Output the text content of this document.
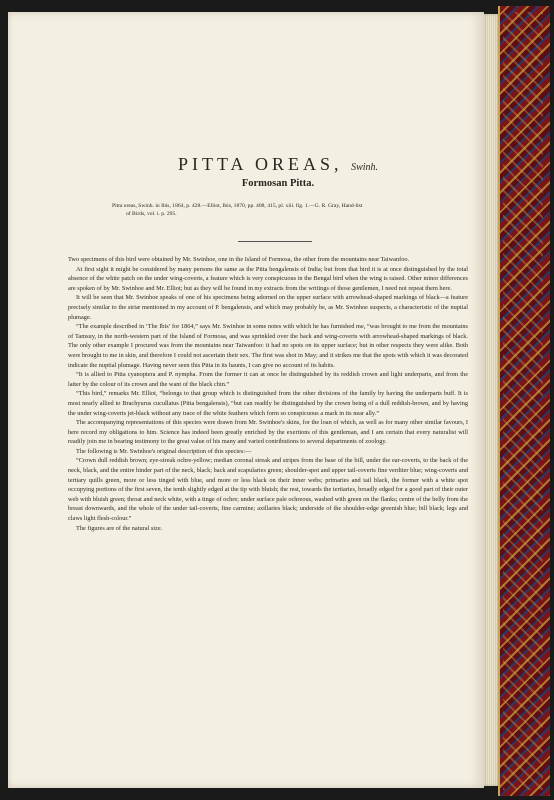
PITTA OREAS, Swinh.
Formosan Pitta.
Pitta oreas, Swinh. in Ibis, 1864, p. 428.—Elliot, Ibis, 1870, pp. 408, 415, pl. xiii. fig. 1.—G. R. Gray, Hand-list
of Birds, vol. i. p. 295.

Two specimens of this bird were obtained by Mr. Swinhoe, one in the Island of Formosa, the other from the mountains near Taiwanfoo.

At first sight it might be considered by many persons the same as the Pitta bengalensis of India; but from that bird it is at once distinguished by the total absence of the white patch on the under wing-coverts, a feature which is very conspicuous in the Bengal bird when the wing is raised. Other minor differences are spoken of by Mr. Swinhoe and Mr. Elliot; but as they will be found in my extracts from the writings of those gentlemen, I need not repeat them here.

It will be seen that Mr. Swinhoe speaks of one of his specimens being adorned on the upper surface with arrowhead-shaped markings of black—a feature precisely similar to the striæ mentioned in my account of P. bengalensis, and which may probably be, as Mr. Swinhoe suspects, a characteristic of the nuptial plumage.

“The example described in ‘The Ibis’ for 1864,” says Mr. Swinhoe in some notes with which he has furnished me, “was brought to me from the mountains of Tamsuy, in the north-western part of the Island of Formosa, and was sprinkled over the back and wing-coverts with arrowhead-shaped markings of black. The only other example I procured was from the mountains near Taiwanfoo: it had no spots on its upper surface; but in other respects they were alike. Both were brought to me in skin, and therefore I could not ascertain their sex. The first was shot in May; and it strikes me that the spots with which it was decorated indicate the nuptial plumage. Having never seen this Pitta in its haunts, I can give no account of its habits.

“It is allied to Pitta cyanoptera and P. nympha. From the former it can at once be distinguished by its reddish crown and light underparts, and from the latter by the colour of its crown and the want of the black chin.”

“This bird,” remarks Mr. Elliot, “belongs to that group which is distinguished from the other divisions of the family by having the underparts buff. It is most nearly allied to Brachyurus cucullatus (Pitta bengalensis), “but can readily be distinguished by the crown being of a dull reddish-brown, and by having the under wing-coverts jet-black without any trace of the white feathers which form so conspicuous a mark in its near ally.”

The accompanying representations of this species were drawn from Mr. Swinhoe's skins, for the loan of which, as well as for many other similar favours, I here record my obligations to him. Science has indeed been greatly enriched by the exertions of this gentleman, and I am certain that every naturalist will readily join me in bearing testimony to the great value of his many and varied contributions to several departments of zoology.

The following is Mr. Swinhoe's original description of this species:—

“Crown dull reddish brown; eye-streak ochre-yellow; median coronal streak and stripes from the base of the bill, under the ear-coverts, to the back of the neck, black, and the entire hinder part of the neck, black; back and scapularies green; shoulder-spot and upper tail-coverts fine verditer blue; wing-coverts and tertiary quills green, more or less tinged with blue, and more or less black on their inner webs; primaries and tail black, the former with a white spot occupying portions of the first seven, the tenth slightly edged at the tip with bluish; the rest, towards the tertiaries, broadly edged for a good part of their outer web with bluish green; throat and neck white, with a tinge of ochre; under surface pale ochreous, washed with green on the flanks; centre of the belly from the breast downwards, and the whole of the under tail-coverts, fine carmine; axillaries black; underside of the shoulder-edge greenish blue; bill black; legs and claws light flesh-colour.”

The figures are of the natural size.
